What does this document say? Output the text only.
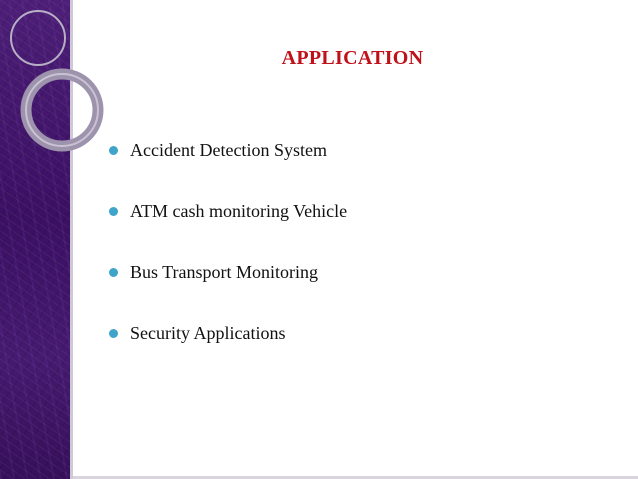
APPLICATION
Accident Detection System
ATM cash monitoring Vehicle
Bus Transport Monitoring
Security Applications
